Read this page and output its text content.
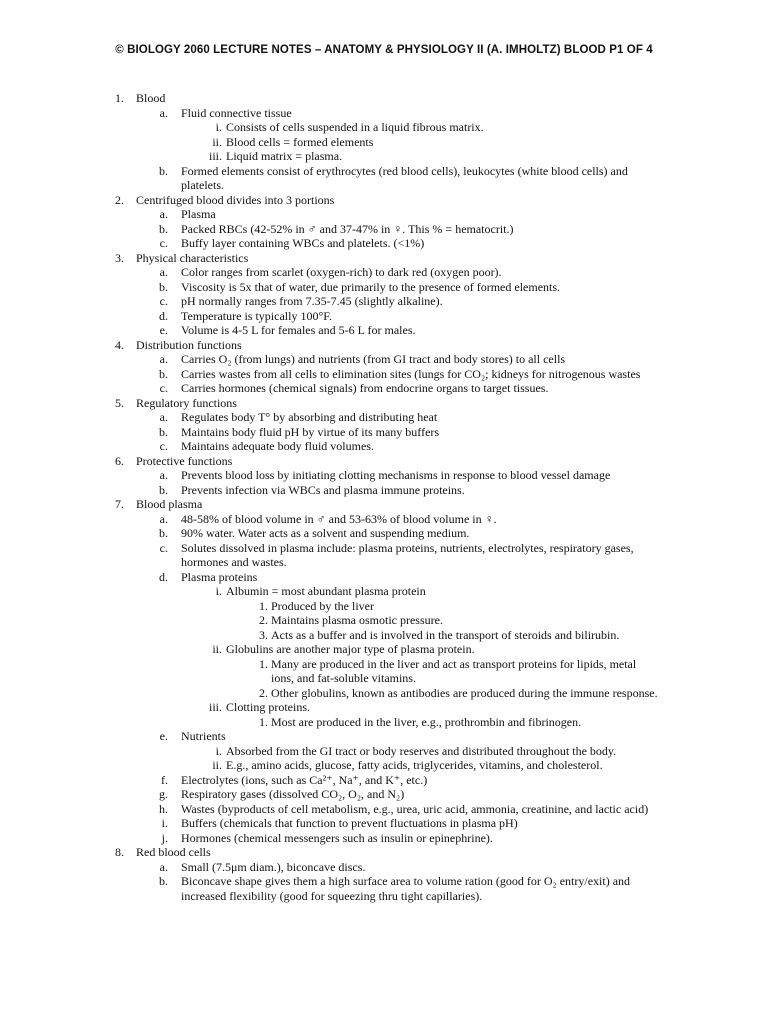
© BIOLOGY 2060 LECTURE NOTES – ANATOMY & PHYSIOLOGY II (A. IMHOLTZ) BLOOD P1 OF 4
1. Blood
a. Fluid connective tissue
i. Consists of cells suspended in a liquid fibrous matrix.
ii. Blood cells = formed elements
iii. Liquid matrix = plasma.
b. Formed elements consist of erythrocytes (red blood cells), leukocytes (white blood cells) and
platelets.
2. Centrifuged blood divides into 3 portions
a. Plasma
b. Packed RBCs (42-52% in ♂ and 37-47% in ♀. This % = hematocrit.)
c. Buffy layer containing WBCs and platelets. (<1%)
3. Physical characteristics
a. Color ranges from scarlet (oxygen-rich) to dark red (oxygen poor).
b. Viscosity is 5x that of water, due primarily to the presence of formed elements.
c. pH normally ranges from 7.35-7.45 (slightly alkaline).
d. Temperature is typically 100°F.
e. Volume is 4-5 L for females and 5-6 L for males.
4. Distribution functions
a. Carries O₂ (from lungs) and nutrients (from GI tract and body stores) to all cells
b. Carries wastes from all cells to elimination sites (lungs for CO₂; kidneys for nitrogenous wastes
c. Carries hormones (chemical signals) from endocrine organs to target tissues.
5. Regulatory functions
a. Regulates body T° by absorbing and distributing heat
b. Maintains body fluid pH by virtue of its many buffers
c. Maintains adequate body fluid volumes.
6. Protective functions
a. Prevents blood loss by initiating clotting mechanisms in response to blood vessel damage
b. Prevents infection via WBCs and plasma immune proteins.
7. Blood plasma
a. 48-58% of blood volume in ♂ and 53-63% of blood volume in ♀.
b. 90% water. Water acts as a solvent and suspending medium.
c. Solutes dissolved in plasma include: plasma proteins, nutrients, electrolytes, respiratory gases,
hormones and wastes.
d. Plasma proteins
i. Albumin = most abundant plasma protein
1. Produced by the liver
2. Maintains plasma osmotic pressure.
3. Acts as a buffer and is involved in the transport of steroids and bilirubin.
ii. Globulins are another major type of plasma protein.
1. Many are produced in the liver and act as transport proteins for lipids, metal
ions, and fat-soluble vitamins.
2. Other globulins, known as antibodies are produced during the immune response.
iii. Clotting proteins.
1. Most are produced in the liver, e.g., prothrombin and fibrinogen.
e. Nutrients
i. Absorbed from the GI tract or body reserves and distributed throughout the body.
ii. E.g., amino acids, glucose, fatty acids, triglycerides, vitamins, and cholesterol.
f. Electrolytes (ions, such as Ca²⁺, Na⁺, and K⁺, etc.)
g. Respiratory gases (dissolved CO₂, O₂, and N₂)
h. Wastes (byproducts of cell metabolism, e.g., urea, uric acid, ammonia, creatinine, and lactic acid)
i. Buffers (chemicals that function to prevent fluctuations in plasma pH)
j. Hormones (chemical messengers such as insulin or epinephrine).
8. Red blood cells
a. Small (7.5μm diam.), biconcave discs.
b. Biconcave shape gives them a high surface area to volume ration (good for O₂ entry/exit) and
increased flexibility (good for squeezing thru tight capillaries).
